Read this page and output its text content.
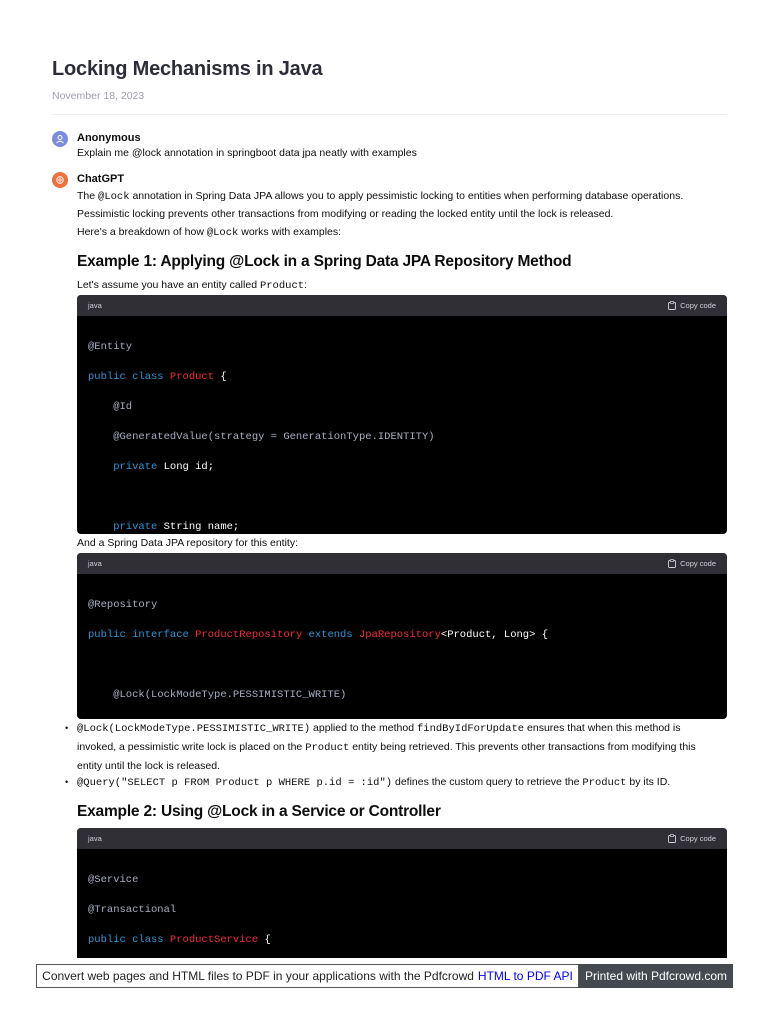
Locking Mechanisms in Java
November 18, 2023
Anonymous
Explain me @lock annotation in springboot data jpa neatly with examples
ChatGPT
The @Lock annotation in Spring Data JPA allows you to apply pessimistic locking to entities when performing database operations.
Pessimistic locking prevents other transactions from modifying or reading the locked entity until the lock is released.
Here's a breakdown of how @Lock works with examples:
Example 1: Applying @Lock in a Spring Data JPA Repository Method
Let's assume you have an entity called Product:
java	Copy code

@Entity

public class Product {

@Id

@GeneratedValue(strategy = GenerationType.IDENTITY)

private Long id;

private String name;

And a Spring Data JPA repository for this entity:
java	Copy code

@Repository

public interface ProductRepository extends JpaRepository<Product, Long> {

@Lock(LockModeType.PESSIMISTIC_WRITE)

• @Lock(LockModeType.PESSIMISTIC_WRITE) applied to the method findByIdForUpdate ensures that when this method is
invoked, a pessimistic write lock is placed on the Product entity being retrieved. This prevents other transactions from modifying this
entity until the lock is released.
• @Query("SELECT p FROM Product p WHERE p.id = :id") defines the custom query to retrieve the Product by its ID.
Example 2: Using @Lock in a Service or Controller
java	Copy code

@Service

@Transactional

public class ProductService {

Convert web pages and HTML files to PDF in your applications with the Pdfcrowd HTML to PDF API	Printed with Pdfcrowd.com
